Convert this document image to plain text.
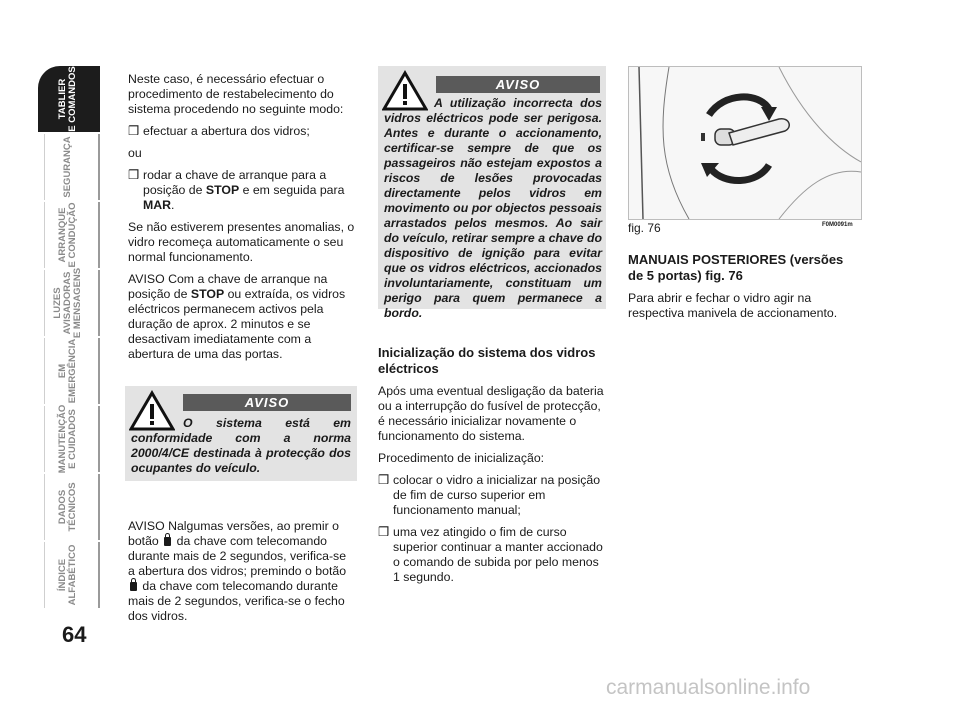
TABLIER
E COMANDOS
SEGURANÇA
ARRANQUE
E CONDUÇÃO
LUZES
AVISADORAS
E MENSAGENS
EM
EMERGÊNCIA
MANUTENÇÃO
E CUIDADOS
DADOS
TÉCNICOS
ÍNDICE
ALFABÉTICO
64

Neste caso, é necessário efectuar o procedimento de restabelecimento do sistema procedendo no seguinte modo:

❒ efectuar a abertura dos vidros;

ou

❒ rodar a chave de arranque para a posição de STOP e em seguida para MAR.

Se não estiverem presentes anomalias, o vidro recomeça automaticamente o seu normal funcionamento.

AVISO Com a chave de arranque na posição de STOP ou extraída, os vidros eléctricos permanecem activos pela duração de aprox. 2 minutos e se desactivam imediatamente com a abertura de uma das portas.

AVISO
O sistema está em conformidade com a norma 2000/4/CE destinada à protecção dos ocupantes do veículo.

AVISO Nalgumas versões, ao premir o botão  da chave com telecomando durante mais de 2 segundos, verifica-se a abertura dos vidros; premindo o botão  da chave com telecomando durante mais de 2 segundos, verifica-se o fecho dos vidros.

AVISO
A utilização incorrecta dos vidros eléctricos pode ser perigosa. Antes e durante o accionamento, certificar-se sempre de que os passageiros não estejam expostos a riscos de lesões provocadas directamente pelos vidros em movimento ou por objectos pessoais arrastados pelos mesmos. Ao sair do veículo, retirar sempre a chave do dispositivo de ignição para evitar que os vidros eléctricos, accionados involuntariamente, constituam um perigo para quem permanece a bordo.

Inicialização do sistema dos vidros eléctricos

Após uma eventual desligação da bateria ou a interrupção do fusível de protecção, é necessário inicializar novamente o funcionamento do sistema.

Procedimento de inicialização:

❒ colocar o vidro a inicializar na posição de fim de curso superior em funcionamento manual;

❒ uma vez atingido o fim de curso superior continuar a manter accionado o comando de subida por pelo menos 1 segundo.

fig. 76	F0M0091m

MANUAIS POSTERIORES (versões de 5 portas) fig. 76

Para abrir e fechar o vidro agir na respectiva manivela de accionamento.

carmanualsonline.info
